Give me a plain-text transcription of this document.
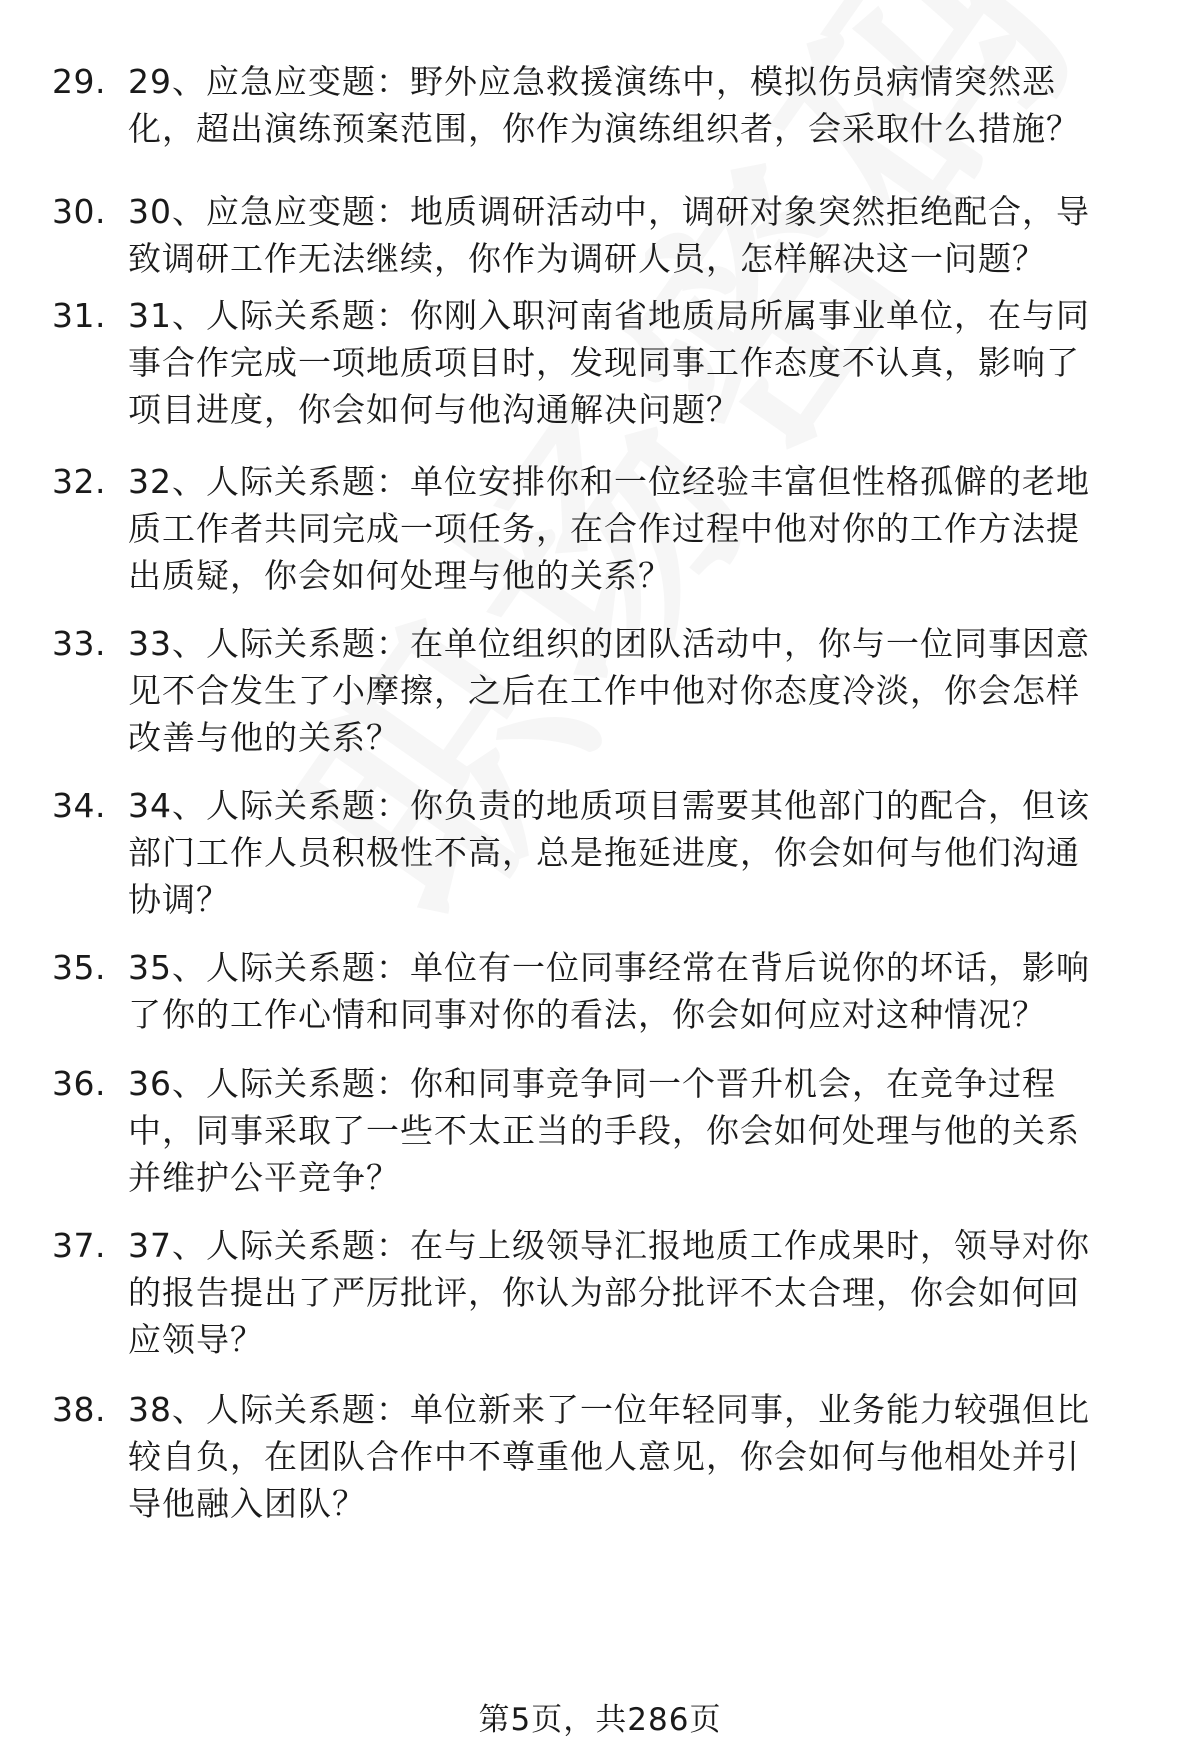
29. 29、应急应变题：野外应急救援演练中，模拟伤员病情突然恶
化，超出演练预案范围，你作为演练组织者，会采取什么措施？
30. 30、应急应变题：地质调研活动中，调研对象突然拒绝配合，导
致调研工作无法继续，你作为调研人员，怎样解决这一问题？
31. 31、人际关系题：你刚入职河南省地质局所属事业单位，在与同
事合作完成一项地质项目时，发现同事工作态度不认真，影响了
项目进度，你会如何与他沟通解决问题？
32. 32、人际关系题：单位安排你和一位经验丰富但性格孤僻的老地
质工作者共同完成一项任务，在合作过程中他对你的工作方法提
出质疑，你会如何处理与他的关系？
33. 33、人际关系题：在单位组织的团队活动中，你与一位同事因意
见不合发生了小摩擦，之后在工作中他对你态度冷淡，你会怎样
改善与他的关系？
34. 34、人际关系题：你负责的地质项目需要其他部门的配合，但该
部门工作人员积极性不高，总是拖延进度，你会如何与他们沟通
协调？
35. 35、人际关系题：单位有一位同事经常在背后说你的坏话，影响
了你的工作心情和同事对你的看法，你会如何应对这种情况？
36. 36、人际关系题：你和同事竞争同一个晋升机会，在竞争过程
中，同事采取了一些不太正当的手段，你会如何处理与他的关系
并维护公平竞争？
37. 37、人际关系题：在与上级领导汇报地质工作成果时，领导对你
的报告提出了严厉批评，你认为部分批评不太合理，你会如何回
应领导？
38. 38、人际关系题：单位新来了一位年轻同事，业务能力较强但比
较自负，在团队合作中不尊重他人意见，你会如何与他相处并引
导他融入团队？
第5页，共286页
